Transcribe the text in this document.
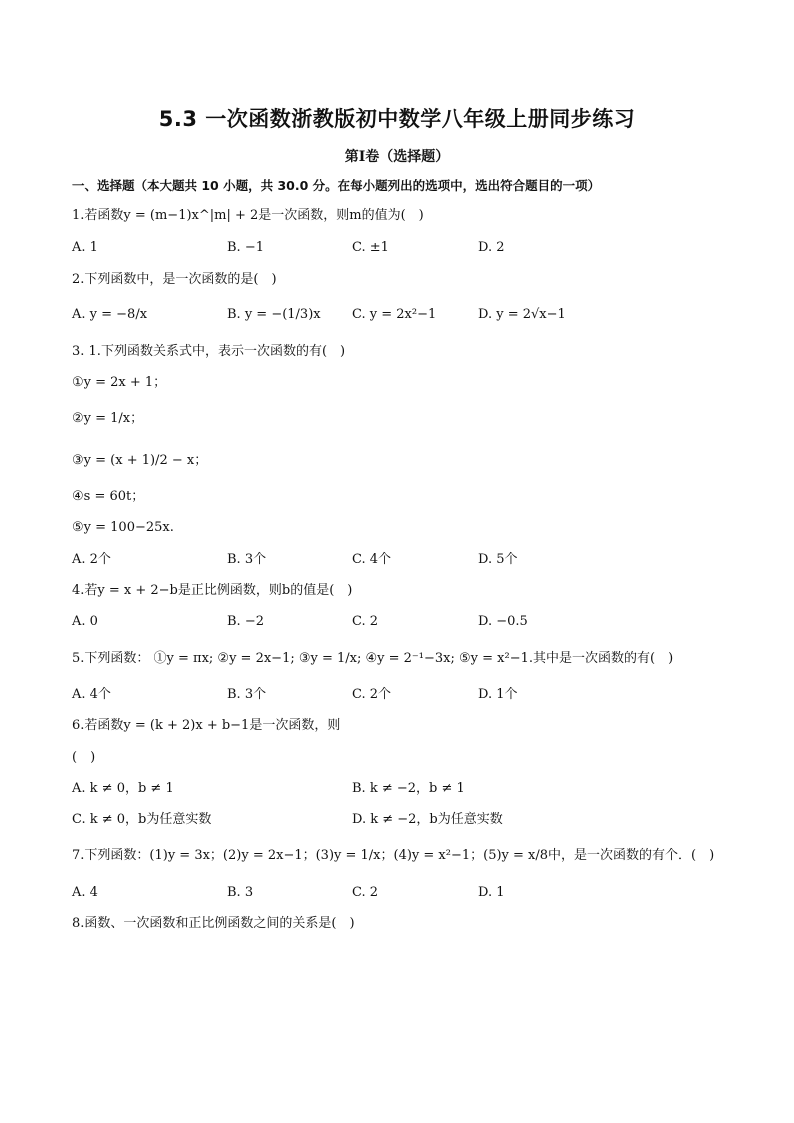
5.3 一次函数浙教版初中数学八年级上册同步练习
第Ⅰ卷（选择题）
一、选择题（本大题共 10 小题，共 30.0 分。在每小题列出的选项中，选出符合题目的一项）
1.若函数y = (m−1)x^|m| + 2是一次函数，则m的值为(　)
A. 1	B. −1	C. ±1	D. 2
2.下列函数中，是一次函数的是(　)
A. y = −8/x	B. y = −(1/3)x C. y = 2x²−1	D. y = 2√x−1
3. 1.下列函数关系式中，表示一次函数的有(　)
①y = 2x + 1；
②y = 1/x；
③y = (x + 1)/2 − x；
④s = 60t；
⑤y = 100−25x.
A. 2个	B. 3个	C. 4个	D. 5个
4.若y = x + 2−b是正比例函数，则b的值是(　)
A. 0	B. −2	C. 2	D. −0.5
5.下列函数： ①y = πx; ②y = 2x−1; ③y = 1/x; ④y = 2⁻¹−3x; ⑤y = x²−1.其中是一次函数的有(　)
A. 4个	B. 3个	C. 2个	D. 1个
6.若函数y = (k + 2)x + b−1是一次函数，则
(　)
A. k ≠ 0，b ≠ 1	B. k ≠ −2，b ≠ 1
C. k ≠ 0，b为任意实数	D. k ≠ −2，b为任意实数
7.下列函数：(1)y = 3x；(2)y = 2x−1；(3)y = 1/x；(4)y = x²−1；(5)y = x/8中，是一次函数的有个．(　)
A. 4	B. 3	C. 2	D. 1
8.函数、一次函数和正比例函数之间的关系是(　)
